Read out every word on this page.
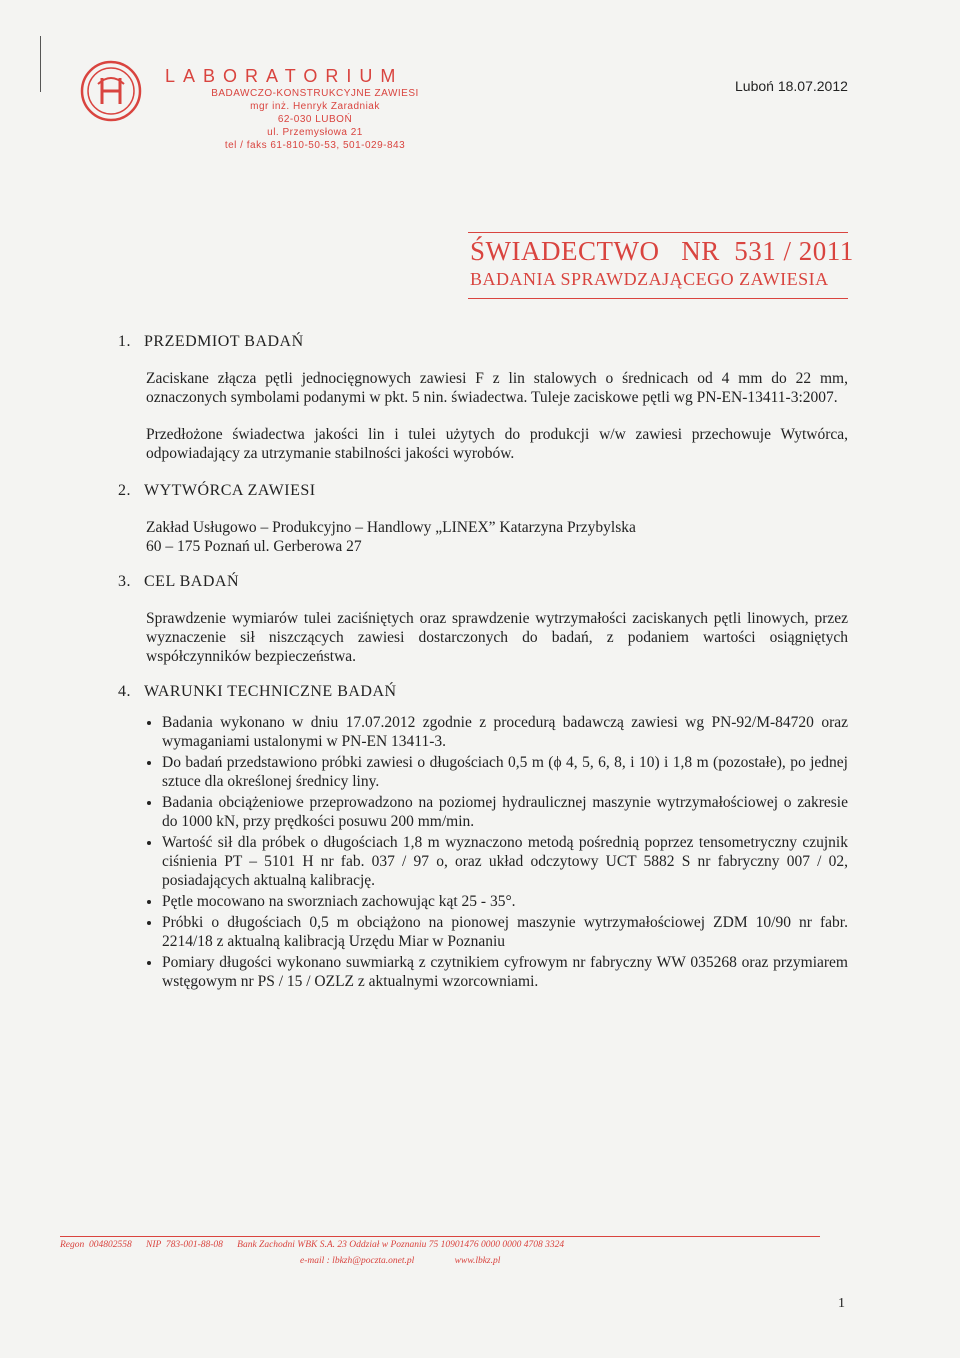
LABORATORIUM
BADAWCZO-KONSTRUKCYJNE ZAWIESI
mgr inż. Henryk Zaradniak
62-030 LUBOŃ
ul. Przemysłowa 21
tel / faks 61-810-50-53, 501-029-843
Luboń 18.07.2012
ŚWIADECTWO   NR  531 / 2011
BADANIA SPRAWDZAJĄCEGO ZAWIESIA

1. PRZEDMIOT BADAŃ

Zaciskane złącza pętli jednocięgnowych zawiesi F z lin stalowych o średnicach od 4 mm do 22 mm, oznaczonych symbolami podanymi w pkt. 5 nin. świadectwa. Tuleje zaciskowe pętli wg PN-EN-13411-3:2007.

Przedłożone świadectwa jakości lin i tulei użytych do produkcji w/w zawiesi przechowuje Wytwórca, odpowiadający za utrzymanie stabilności jakości wyrobów.

2. WYTWÓRCA ZAWIESI

Zakład Usługowo – Produkcyjno – Handlowy „LINEX” Katarzyna Przybylska

60 – 175 Poznań ul. Gerberowa 27

3. CEL BADAŃ

Sprawdzenie wymiarów tulei zaciśniętych oraz sprawdzenie wytrzymałości zaciskanych pętli linowych, przez wyznaczenie sił niszczących zawiesi dostarczonych do badań, z podaniem wartości osiągniętych współczynników bezpieczeństwa.

4. WARUNKI TECHNICZNE BADAŃ

• Badania wykonano w dniu 17.07.2012 zgodnie z procedurą badawczą zawiesi wg PN-92/M-84720 oraz wymaganiami ustalonymi w PN-EN 13411-3.
• Do badań przedstawiono próbki zawiesi o długościach 0,5 m (ϕ 4, 5, 6, 8, i 10) i 1,8 m (pozostałe), po jednej sztuce dla określonej średnicy liny.
• Badania obciążeniowe przeprowadzono na poziomej hydraulicznej maszynie wytrzymałościowej o zakresie do 1000 kN, przy prędkości posuwu 200 mm/min.
• Wartość sił dla próbek o długościach 1,8 m wyznaczono metodą pośrednią poprzez tensometryczny czujnik ciśnienia PT – 5101 H nr fab. 037 / 97 o, oraz układ odczytowy UCT 5882 S nr fabryczny 007 / 02, posiadających aktualną kalibrację.
• Pętle mocowano na sworzniach zachowując kąt 25 - 35°.
• Próbki o długościach 0,5 m obciążono na pionowej maszynie wytrzymałościowej ZDM 10/90 nr fabr. 2214/18 z aktualną kalibracją Urzędu Miar w Poznaniu
• Pomiary długości wykonano suwmiarką z czytnikiem cyfrowym nr fabryczny WW 035268 oraz przymiarem wstęgowym nr PS / 15 / OZLZ z aktualnymi wzorcowniami.
Regon  004802558      NIP  783-001-88-08      Bank Zachodni WBK S.A. 23 Oddział w Poznaniu 75 10901476 0000 0000 4708 3324
e-mail : lbkzh@poczta.onet.pl                 www.lbkz.pl
1
